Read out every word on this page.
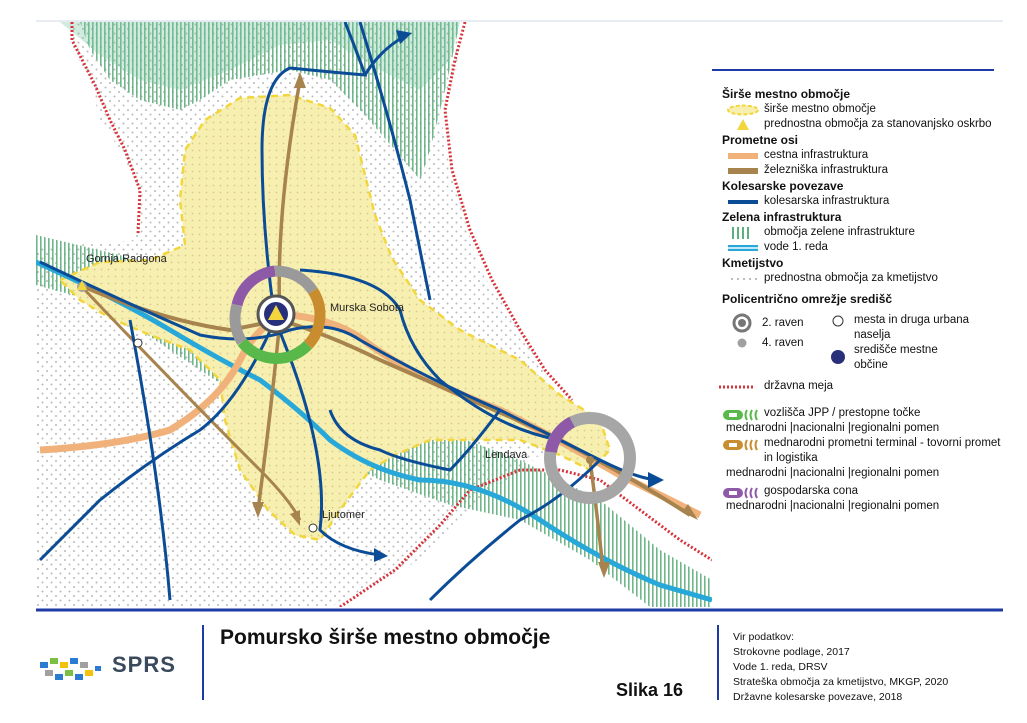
Gornja Radgona
Murska Sobota
Lendava
Ljutomer
Širše mestno območje
širše mestno območje
prednostna območja za stanovanjsko oskrbo
Prometne osi
cestna infrastruktura
železniška infrastruktura
Kolesarske povezave
kolesarska infrastruktura
Zelena infrastruktura
območja zelene infrastrukture
vode 1. reda
Kmetijstvo
prednostna območja za kmetijstvo
Policentrično omrežje središč
2. raven
4. raven
mesta in druga urbana naselja
središče mestne občine
državna meja
vozlišča JPP / prestopne točke
mednarodni |nacionalni |regionalni pomen
mednarodni prometni terminal - tovorni promet in logistika
mednarodni |nacionalni |regionalni pomen
gospodarska cona
mednarodni |nacionalni |regionalni pomen
SPRS
Pomursko širše mestno območje
Slika 16
Vir podatkov:
Strokovne podlage, 2017
Vode 1. reda, DRSV
Strateška območja za kmetijstvo, MKGP, 2020
Državne kolesarske povezave, 2018
